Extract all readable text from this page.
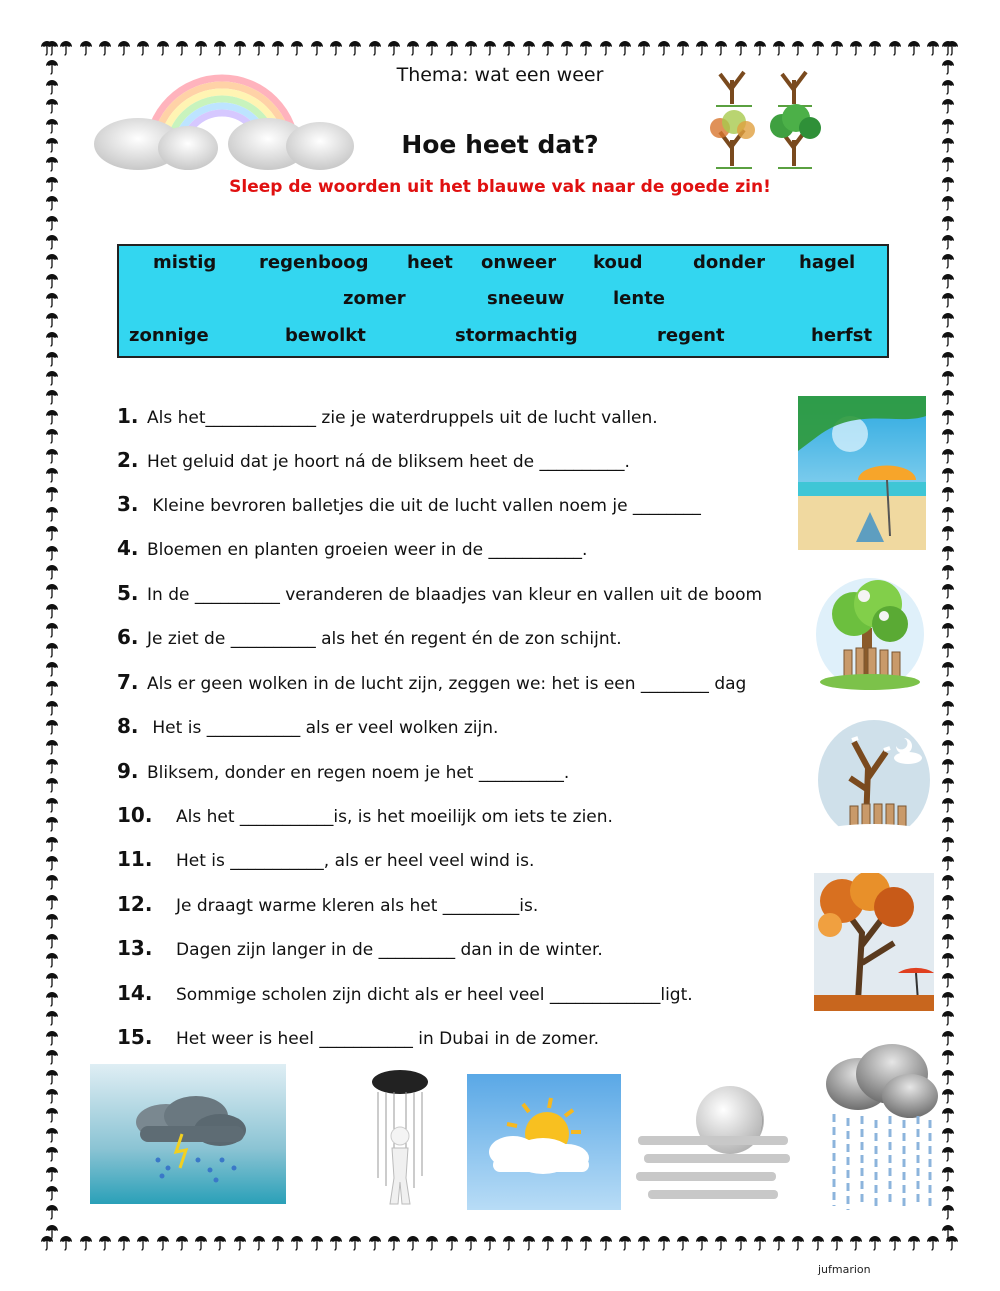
Thema: wat een weer
Hoe heet dat?
Sleep de woorden uit het blauwe vak naar de goede zin!
mistig regenboog heet onweer koud	donder hagel
zomer	sneeuw	lente
zonnige	bewolkt	stormachtig	regent	herfst
1. Als het_____________ zie je waterdruppels uit de lucht vallen.
2. Het geluid dat je hoort ná de bliksem heet de __________.
3. Kleine bevroren balletjes die uit de lucht vallen noem je ________
4. Bloemen en planten groeien weer in de ___________.
5. In de __________ veranderen de blaadjes van kleur en vallen uit de boom
6. Je ziet de __________ als het én regent én de zon schijnt.
7. Als er geen wolken in de lucht zijn, zeggen we: het is een ________ dag
8. Het is ___________ als er veel wolken zijn.
9. Bliksem, donder en regen noem je het __________.
10. Als het ___________is, is het moeilijk om iets te zien.
11. Het is ___________, als er heel veel wind is.
12. Je draagt warme kleren als het _________is.
13. Dagen zijn langer in de _________ dan in de winter.
14. Sommige scholen zijn dicht als er heel veel _____________ligt.
15. Het weer is heel ___________ in Dubai in de zomer.
jufmarion
